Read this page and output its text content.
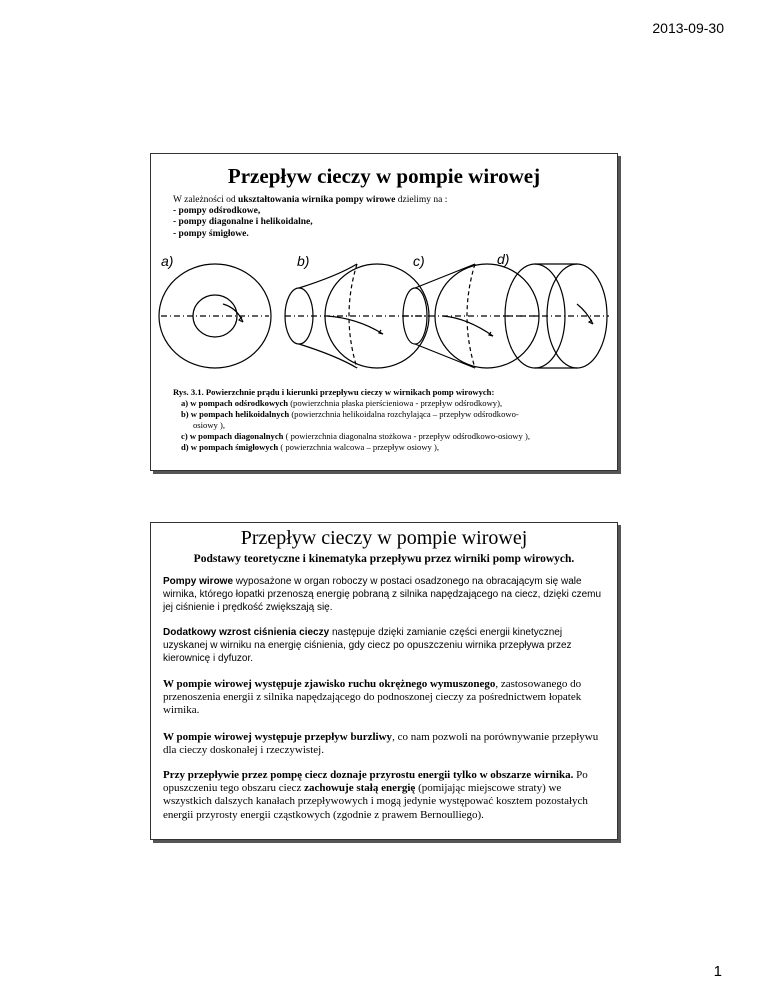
2013-09-30
Przepływ cieczy w pompie wirowej
W zależności od ukształtowania wirnika pompy wirowe dzielimy na :
- pompy odśrodkowe,
- pompy diagonalne i helikoidalne,
- pompy śmigłowe.
a)	b)	c)	d)
Rys. 3.1. Powierzchnie prądu i kierunki przepływu cieczy w wirnikach pomp wirowych:
a) w pompach odśrodkowych (powierzchnia płaska pierścieniowa - przepływ odśrodkowy),
b) w pompach helikoidalnych (powierzchnia helikoidalna rozchylająca – przepływ odśrodkowo-
osiowy ),
c) w pompach diagonalnych ( powierzchnia diagonalna stożkowa - przepływ odśrodkowo-osiowy ),
d) w pompach śmigłowych ( powierzchnia walcowa – przepływ osiowy ),
Przepływ cieczy w pompie wirowej
Podstawy teoretyczne i kinematyka przepływu przez wirniki pomp wirowych.
Pompy wirowe wyposażone w organ roboczy w postaci osadzonego na obracającym się wale wirnika, którego łopatki przenoszą energię pobraną z silnika napędzającego na ciecz, dzięki czemu jej ciśnienie i prędkość zwiększają się.
Dodatkowy wzrost ciśnienia cieczy następuje dzięki zamianie części energii kinetycznej uzyskanej w wirniku na energię ciśnienia, gdy ciecz po opuszczeniu wirnika przepływa przez kierownicę i dyfuzor.
W pompie wirowej występuje zjawisko ruchu okrężnego wymuszonego, zastosowanego do przenoszenia energii z silnika napędzającego do podnoszonej cieczy za pośrednictwem łopatek wirnika.
W pompie wirowej występuje przepływ burzliwy, co nam pozwoli na porównywanie przepływu dla cieczy doskonałej i rzeczywistej.
Przy przepływie przez pompę ciecz doznaje przyrostu energii tylko w obszarze wirnika. Po opuszczeniu tego obszaru ciecz zachowuje stałą energię (pomijając miejscowe straty) we wszystkich dalszych kanałach przepływowych i mogą jedynie występować kosztem pozostałych energii przyrosty energii cząstkowych (zgodnie z prawem Bernoulliego).
1
